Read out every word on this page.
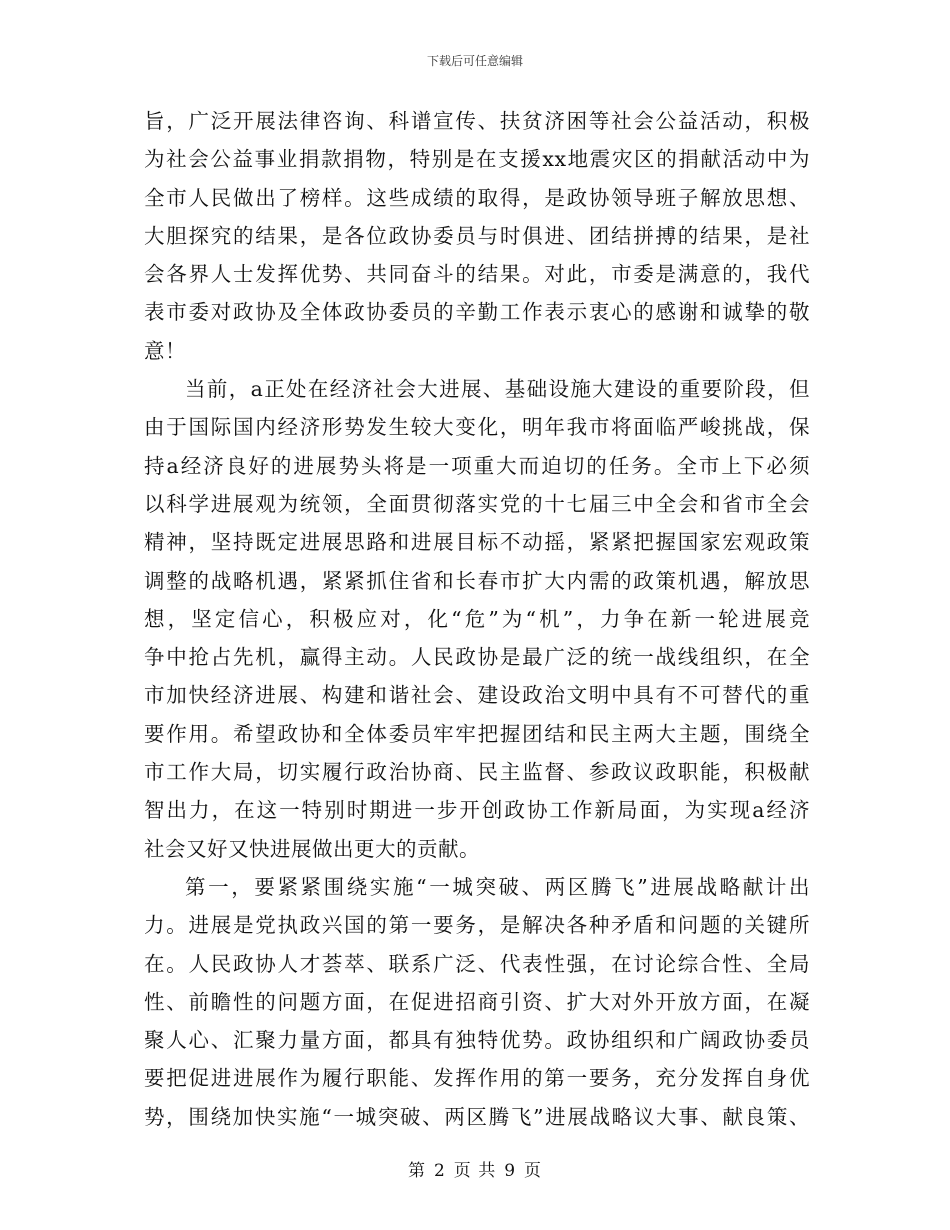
下载后可任意编辑

旨，广泛开展法律咨询、科谱宣传、扶贫济困等社会公益活动，积极
为社会公益事业捐款捐物，特别是在支援xx地震灾区的捐献活动中为
全市人民做出了榜样。这些成绩的取得，是政协领导班子解放思想、
大胆探究的结果，是各位政协委员与时俱进、团结拼搏的结果，是社
会各界人士发挥优势、共同奋斗的结果。对此，市委是满意的，我代
表市委对政协及全体政协委员的辛勤工作表示衷心的感谢和诚挚的敬
意！

当前，a正处在经济社会大进展、基础设施大建设的重要阶段，但
由于国际国内经济形势发生较大变化，明年我市将面临严峻挑战，保
持a经济良好的进展势头将是一项重大而迫切的任务。全市上下必须
以科学进展观为统领，全面贯彻落实党的十七届三中全会和省市全会
精神，坚持既定进展思路和进展目标不动摇，紧紧把握国家宏观政策
调整的战略机遇，紧紧抓住省和长春市扩大内需的政策机遇，解放思
想，坚定信心，积极应对，化“危”为“机”，力争在新一轮进展竞
争中抢占先机，赢得主动。人民政协是最广泛的统一战线组织，在全
市加快经济进展、构建和谐社会、建设政治文明中具有不可替代的重
要作用。希望政协和全体委员牢牢把握团结和民主两大主题，围绕全
市工作大局，切实履行政治协商、民主监督、参政议政职能，积极献
智出力，在这一特别时期进一步开创政协工作新局面，为实现a经济
社会又好又快进展做出更大的贡献。

第一，要紧紧围绕实施“一城突破、两区腾飞”进展战略献计出
力。进展是党执政兴国的第一要务，是解决各种矛盾和问题的关键所
在。人民政协人才荟萃、联系广泛、代表性强，在讨论综合性、全局
性、前瞻性的问题方面，在促进招商引资、扩大对外开放方面，在凝
聚人心、汇聚力量方面，都具有独特优势。政协组织和广阔政协委员
要把促进进展作为履行职能、发挥作用的第一要务，充分发挥自身优
势，围绕加快实施“一城突破、两区腾飞”进展战略议大事、献良策、

第 2 页 共 9 页
